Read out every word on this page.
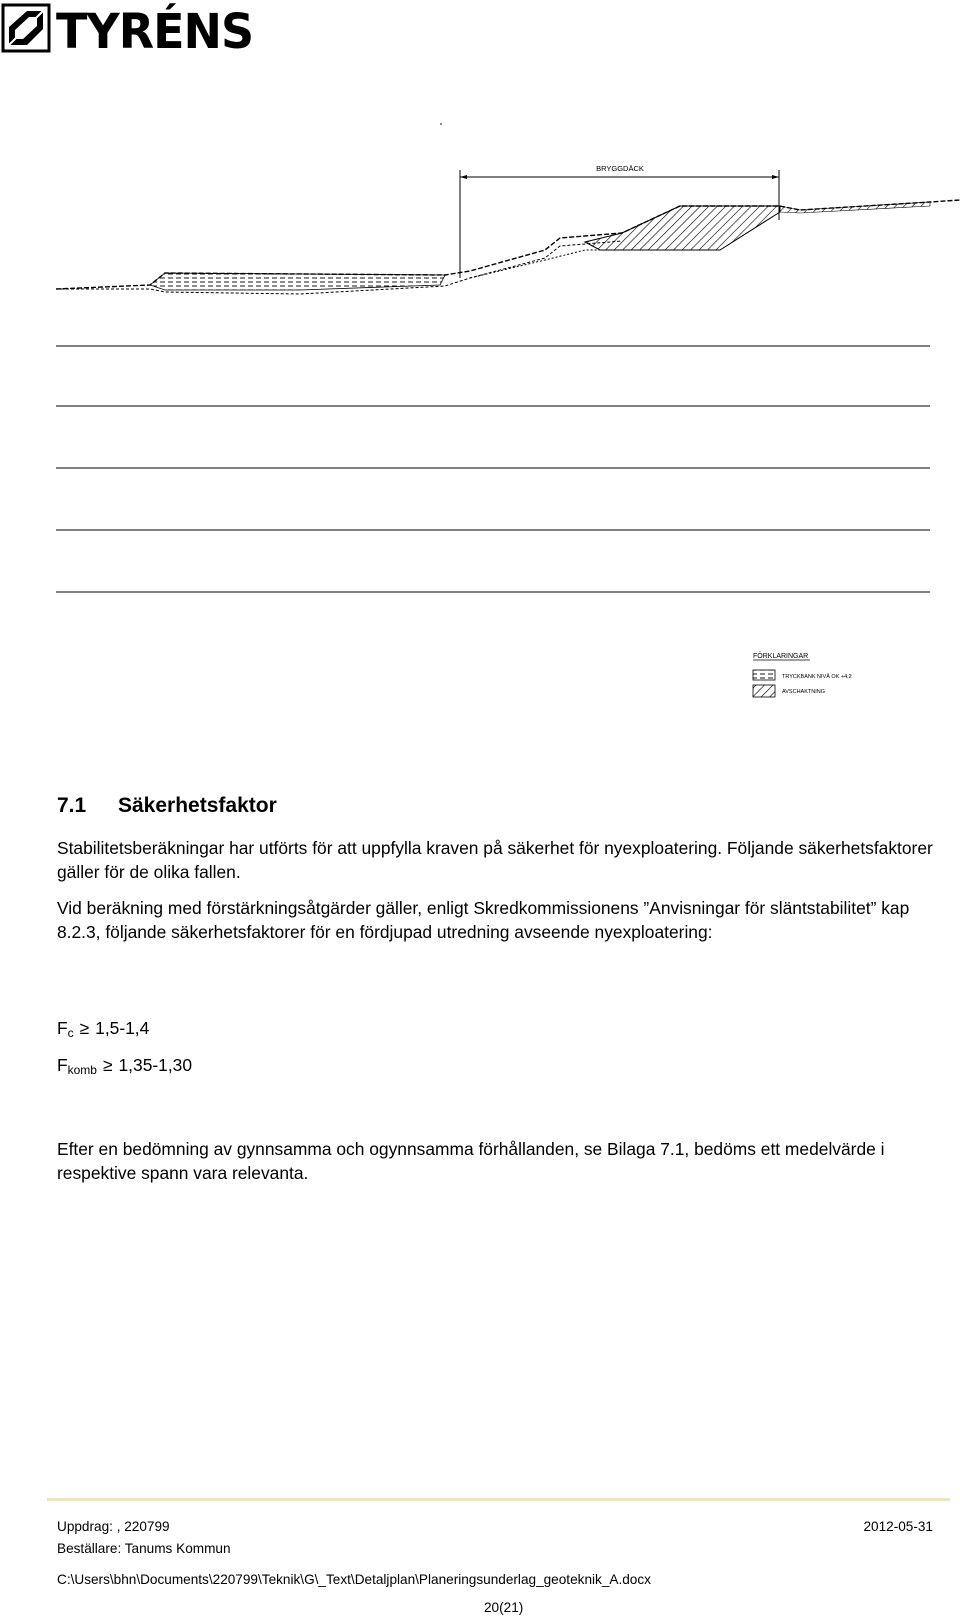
TYRÉNS
BRYGGDÄCK
FÖRKLARINGAR
TRYCKBANK NIVÅ OK +4,2
AVSCHAKTNING
7.1 Säkerhetsfaktor
Stabilitetsberäkningar har utförts för att uppfylla kraven på säkerhet för nyexploatering. Följande säkerhetsfaktorer gäller för de olika fallen.
Vid beräkning med förstärkningsåtgärder gäller, enligt Skredkommissionens ”Anvisningar för släntstabilitet” kap 8.2.3, följande säkerhetsfaktorer för en fördjupad utredning avseende nyexploatering:
$F_c \ge 1,5-1,4$
$F_{komb} \ge 1,35-1,30$
Efter en bedömning av gynnsamma och ogynnsamma förhållanden, se Bilaga 7.1, bedöms ett medelvärde i respektive spann vara relevanta.
Uppdrag: , 220799	2012-05-31
Beställare: Tanums Kommun
C:\Users\bhn\Documents\220799\Teknik\G\_Text\Detaljplan\Planeringsunderlag_geoteknik_A.docx
20(21)
